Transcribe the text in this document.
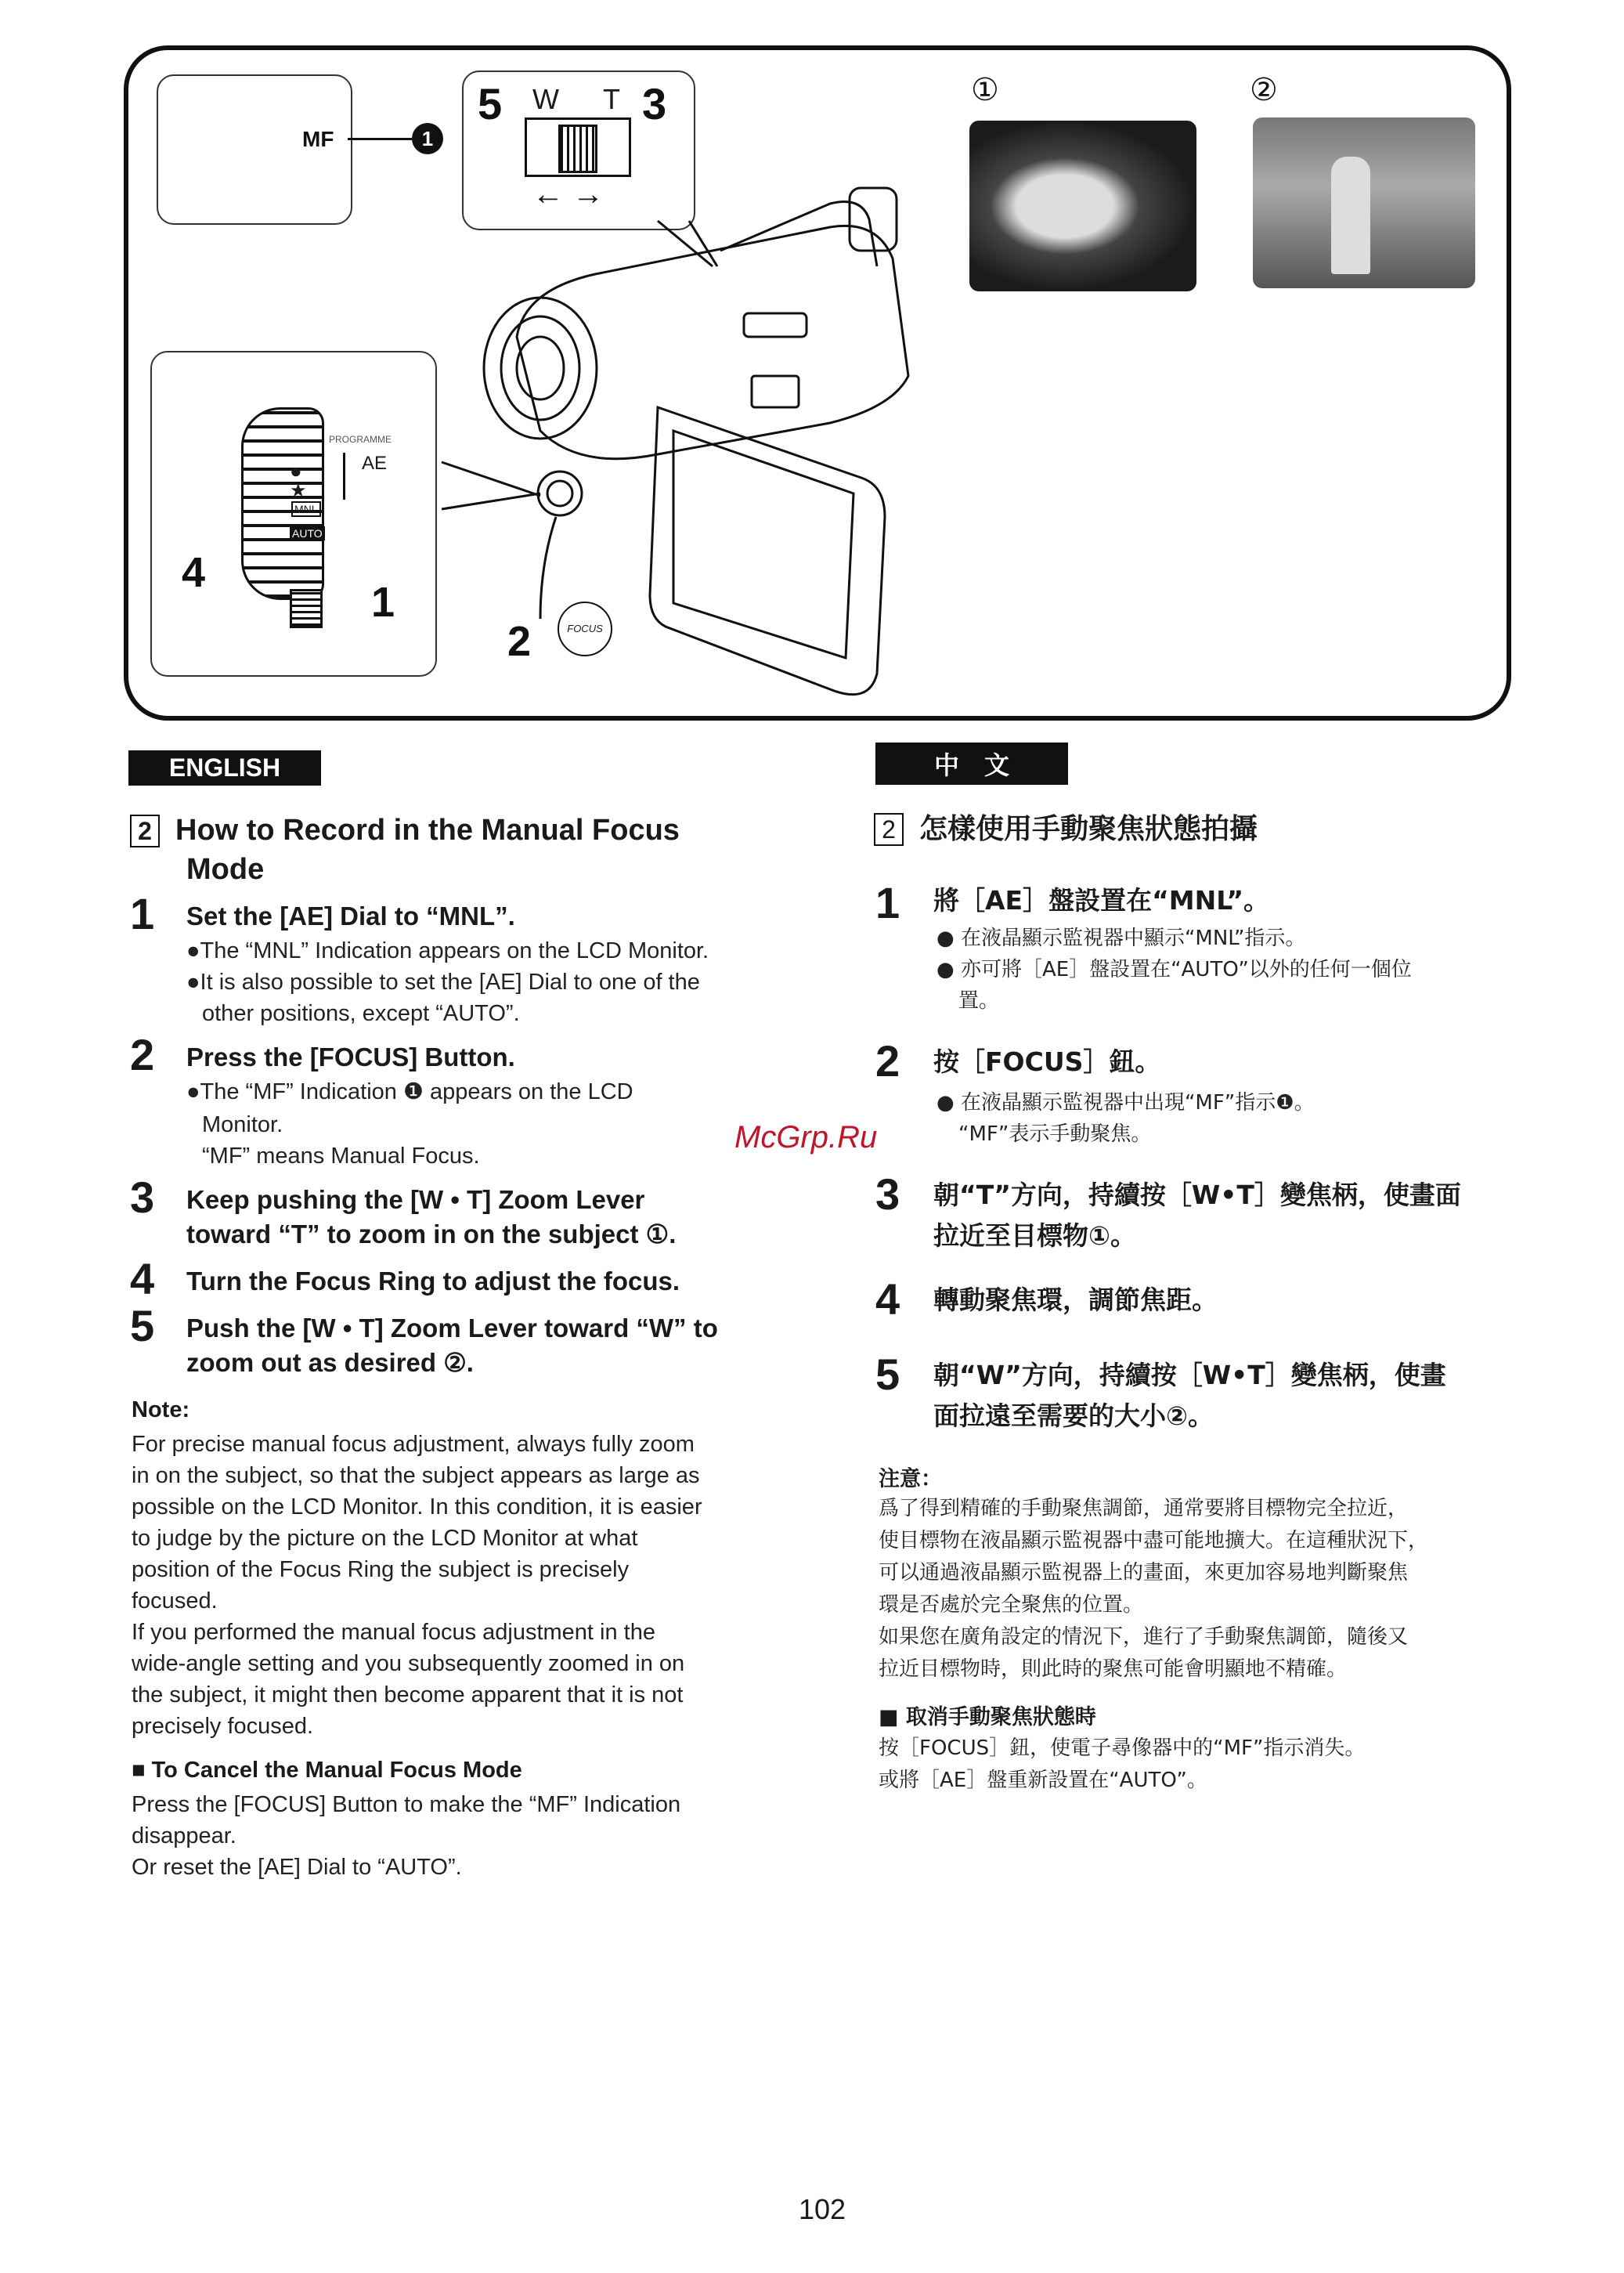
MF	1
5	3
W T
← →
PROGRAMME
AE
●
★
MNL
AUTO
4
1
2	FOCUS
①	②
ENGLISH
2 How to Record in the Manual Focus
Mode
1 Set the [AE] Dial to “MNL”.
●The “MNL” Indication appears on the LCD Monitor.
●It is also possible to set the [AE] Dial to one of the
other positions, except “AUTO”.
2 Press the [FOCUS] Button.
●The “MF” Indication ❶ appears on the LCD
Monitor.
“MF” means Manual Focus.
3 Keep pushing the [W • T] Zoom Lever
toward “T” to zoom in on the subject ①.
4 Turn the Focus Ring to adjust the focus.
5 Push the [W • T] Zoom Lever toward “W” to
zoom out as desired ②.
Note:
For precise manual focus adjustment, always fully zoom
in on the subject, so that the subject appears as large as
possible on the LCD Monitor. In this condition, it is easier
to judge by the picture on the LCD Monitor at what
position of the Focus Ring the subject is precisely
focused.
If you performed the manual focus adjustment in the
wide-angle setting and you subsequently zoomed in on
the subject, it might then become apparent that it is not
precisely focused.
■ To Cancel the Manual Focus Mode
Press the [FOCUS] Button to make the “MF” Indication
disappear.
Or reset the [AE] Dial to “AUTO”.
McGrp.Ru
中　文
2 怎樣使用手動聚焦狀態拍攝
1 將［AE］盤設置在“MNL”。
● 在液晶顯示監視器中顯示“MNL”指示。
● 亦可將［AE］盤設置在“AUTO”以外的任何一個位
置。
2 按［FOCUS］鈕。
● 在液晶顯示監視器中出現“MF”指示❶。
“MF”表示手動聚焦。
3 朝“T”方向，持續按［W•T］變焦柄，使畫面
拉近至目標物①。
4 轉動聚焦環，調節焦距。
5 朝“W”方向，持續按［W•T］變焦柄，使畫
面拉遠至需要的大小②。
注意：
爲了得到精確的手動聚焦調節，通常要將目標物完全拉近，
使目標物在液晶顯示監視器中盡可能地擴大。在這種狀況下，
可以通過液晶顯示監視器上的畫面，來更加容易地判斷聚焦
環是否處於完全聚焦的位置。
如果您在廣角設定的情況下，進行了手動聚焦調節，隨後又
拉近目標物時，則此時的聚焦可能會明顯地不精確。
■ 取消手動聚焦狀態時
按［FOCUS］鈕，使電子尋像器中的“MF”指示消失。
或將［AE］盤重新設置在“AUTO”。
102
